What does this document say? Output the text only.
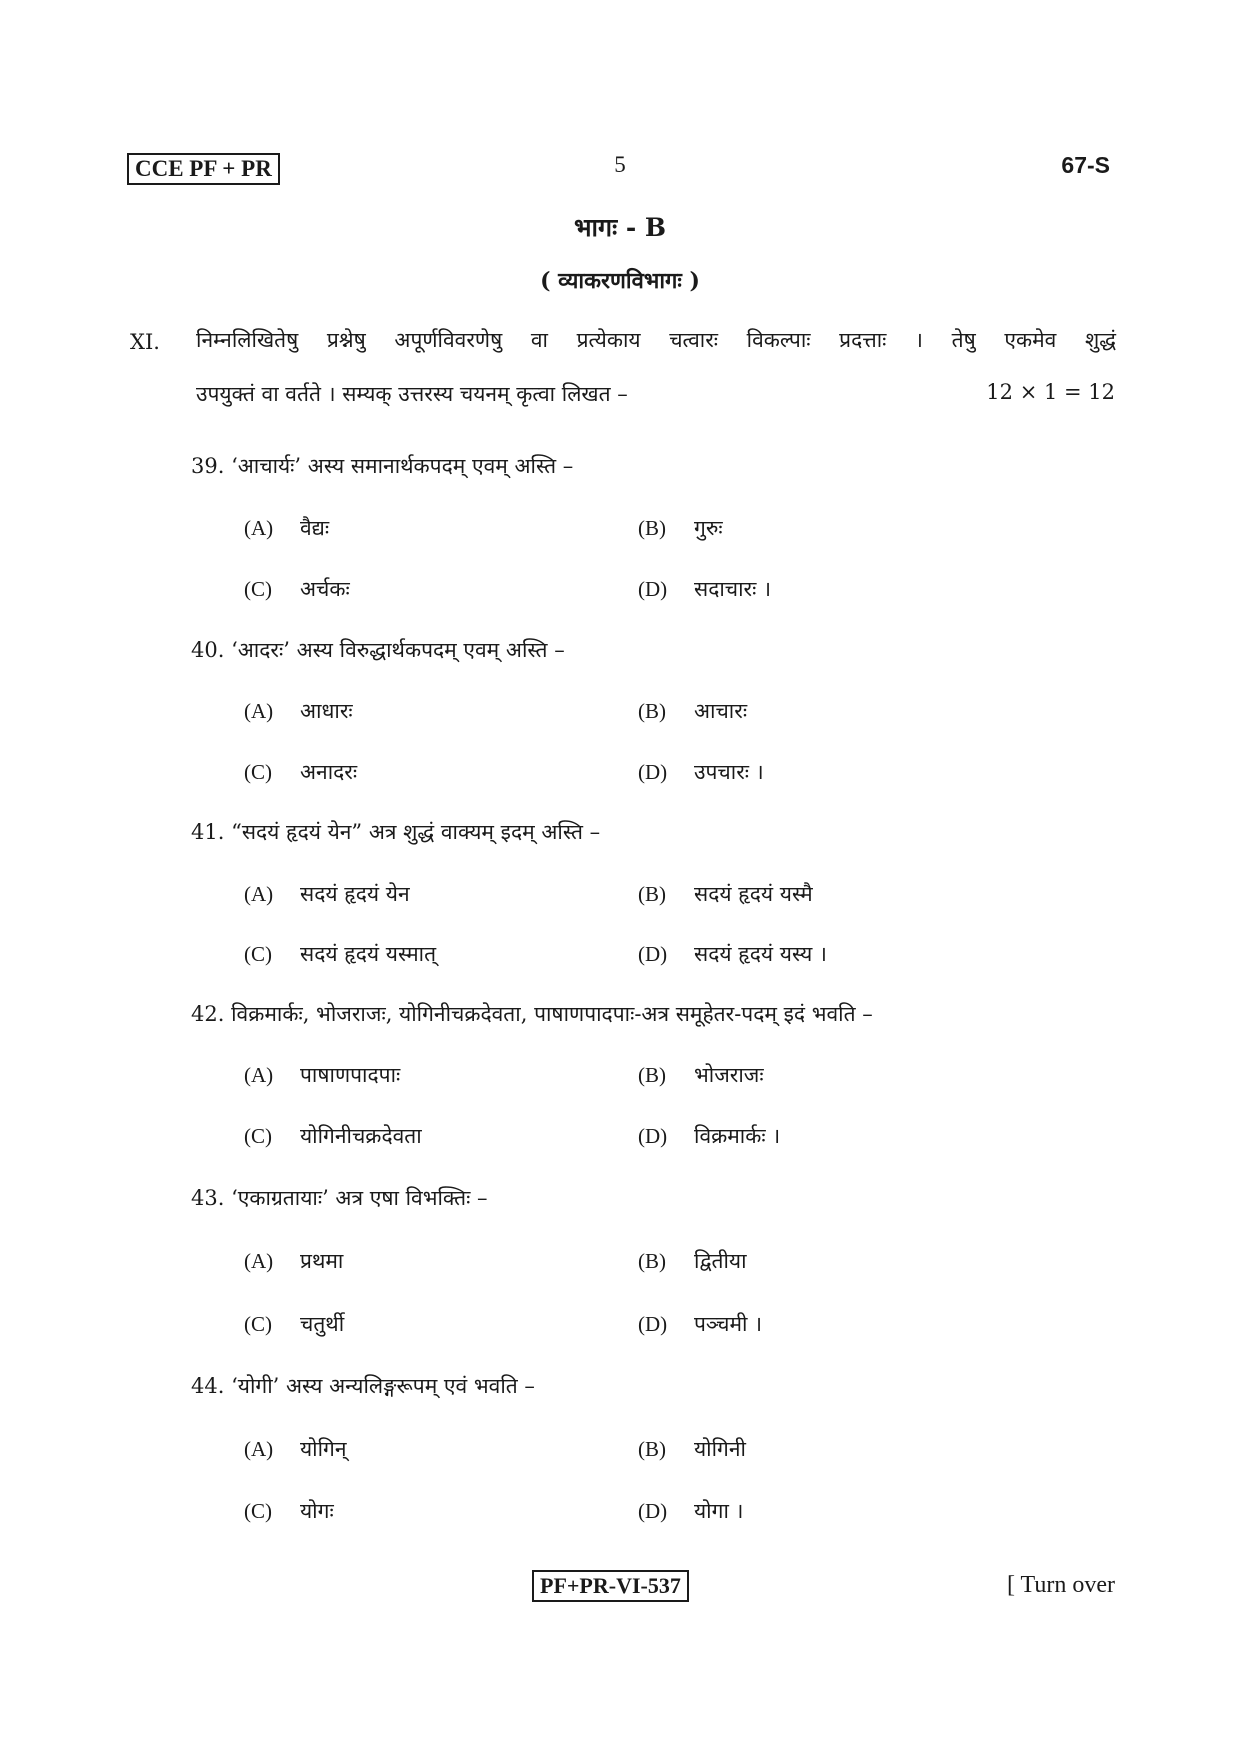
CCE PF + PR	5	67-S
भागः - B
( व्याकरणविभागः )
XI. निम्नलिखितेषु प्रश्नेषु अपूर्णविवरणेषु वा प्रत्येकाय चत्वारः विकल्पाः प्रदत्ताः । तेषु एकमेव शुद्धं
उपयुक्तं वा वर्तते । सम्यक् उत्तरस्य चयनम् कृत्वा लिखत –	12 × 1 = 12
39. ‘आचार्यः’ अस्य समानार्थकपदम् एवम् अस्ति –
(A) वैद्यः	(B) गुरुः
(C) अर्चकः	(D) सदाचारः ।
40. ‘आदरः’ अस्य विरुद्धार्थकपदम् एवम् अस्ति –
(A) आधारः	(B) आचारः
(C) अनादरः	(D) उपचारः ।
41. “सदयं हृदयं येन” अत्र शुद्धं वाक्यम् इदम् अस्ति –
(A) सदयं हृदयं येन	(B) सदयं हृदयं यस्मै
(C) सदयं हृदयं यस्मात्	(D) सदयं हृदयं यस्य ।
42. विक्रमार्कः, भोजराजः, योगिनीचक्रदेवता, पाषाणपादपाः-अत्र समूहेतर-पदम् इदं भवति –
(A) पाषाणपादपाः	(B) भोजराजः
(C) योगिनीचक्रदेवता	(D) विक्रमार्कः ।
43. ‘एकाग्रतायाः’ अत्र एषा विभक्तिः –
(A) प्रथमा	(B) द्वितीया
(C) चतुर्थी	(D) पञ्चमी ।
44. ‘योगी’ अस्य अन्यलिङ्गरूपम् एवं भवति –
(A) योगिन्	(B) योगिनी
(C) योगः	(D) योगा ।
PF+PR-VI-537	[ Turn over
